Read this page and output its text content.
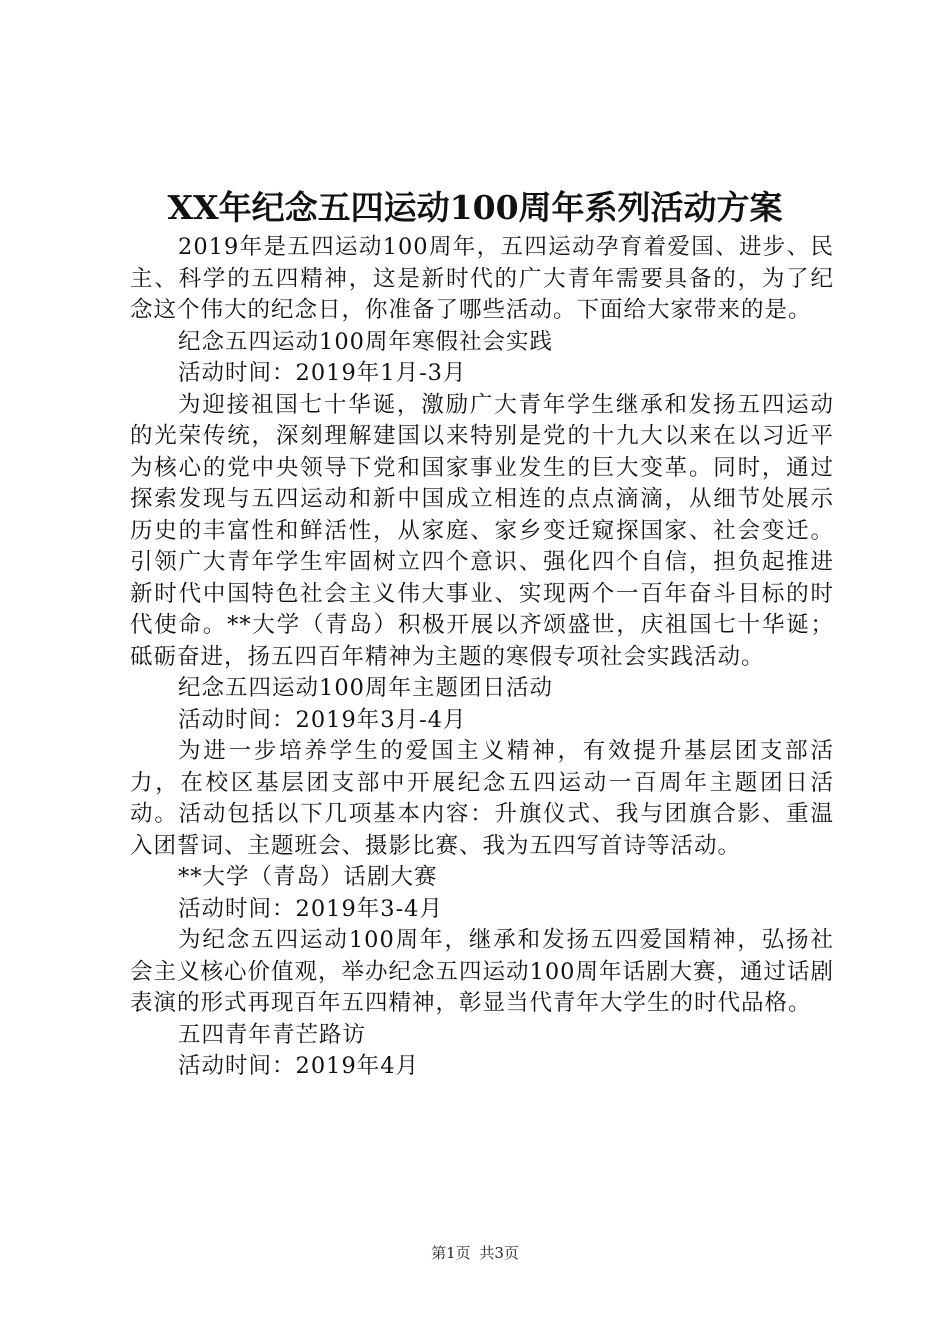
XX年纪念五四运动100周年系列活动方案

2019年是五四运动100周年，五四运动孕育着爱国、进步、民主、科学的五四精神，这是新时代的广大青年需要具备的，为了纪念这个伟大的纪念日，你准备了哪些活动。下面给大家带来的是。

纪念五四运动100周年寒假社会实践

活动时间：2019年1月-3月

为迎接祖国七十华诞，激励广大青年学生继承和发扬五四运动的光荣传统，深刻理解建国以来特别是党的十九大以来在以习近平为核心的党中央领导下党和国家事业发生的巨大变革。同时，通过探索发现与五四运动和新中国成立相连的点点滴滴，从细节处展示历史的丰富性和鲜活性，从家庭、家乡变迁窥探国家、社会变迁。引领广大青年学生牢固树立四个意识、强化四个自信，担负起推进新时代中国特色社会主义伟大事业、实现两个一百年奋斗目标的时代使命。**大学（青岛）积极开展以齐颂盛世，庆祖国七十华诞；砥砺奋进，扬五四百年精神为主题的寒假专项社会实践活动。

纪念五四运动100周年主题团日活动

活动时间：2019年3月-4月

为进一步培养学生的爱国主义精神，有效提升基层团支部活力，在校区基层团支部中开展纪念五四运动一百周年主题团日活动。活动包括以下几项基本内容：升旗仪式、我与团旗合影、重温入团誓词、主题班会、摄影比赛、我为五四写首诗等活动。

**大学（青岛）话剧大赛

活动时间：2019年3-4月

为纪念五四运动100周年，继承和发扬五四爱国精神，弘扬社会主义核心价值观，举办纪念五四运动100周年话剧大赛，通过话剧表演的形式再现百年五四精神，彰显当代青年大学生的时代品格。

五四青年青芒路访

活动时间：2019年4月

第1页 共3页
